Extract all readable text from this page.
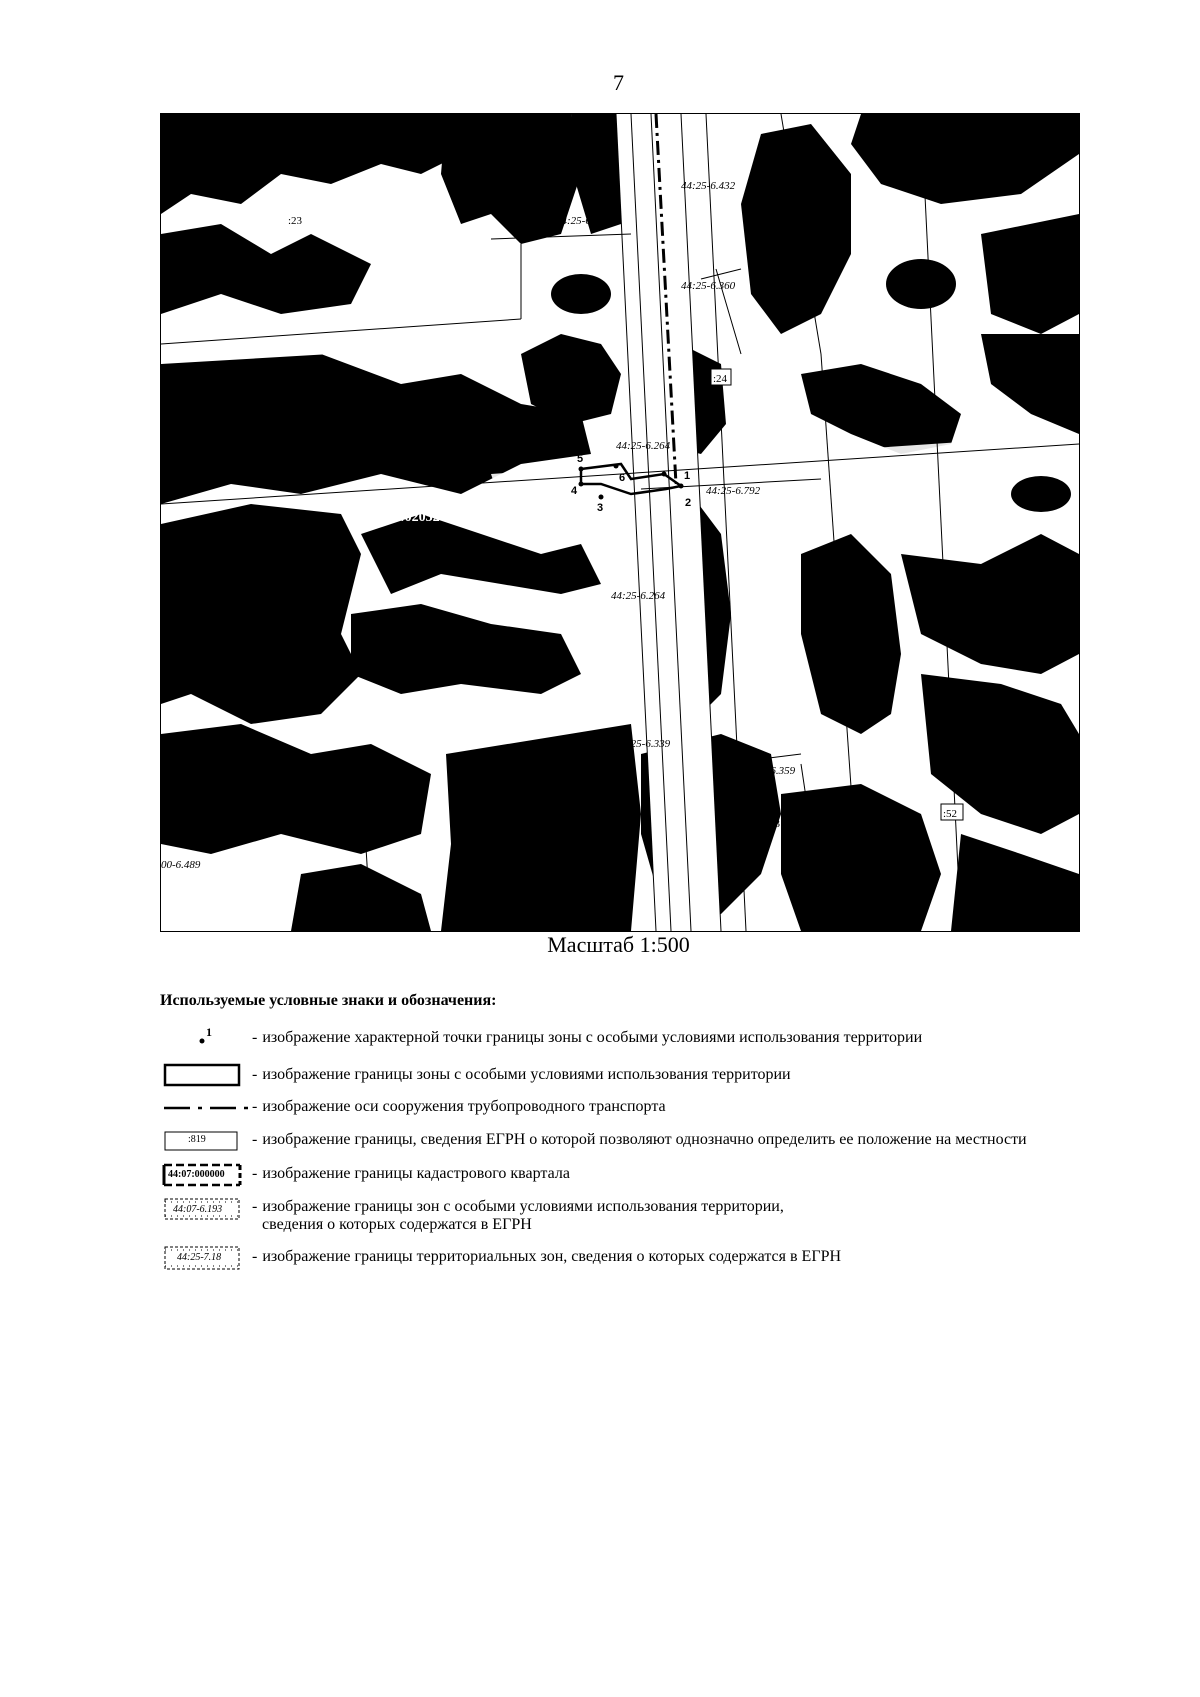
7
44:25-6.432
44:25-6.290
44:25-6.360
44:25-6.264
44:25-6.792
44:25-6.264
44:25-6.339
44:25-6.359
00-6.489
00-6.489
:23
:24
:2
:23
:52
:4
25:02032
1
2
3
4
5
6
Масштаб 1:500
Используемые условные знаки и обозначения:
1	- изображение характерной точки границы зоны с особыми условиями использования территории
- изображение границы зоны с особыми условиями использования территории
- изображение оси сооружения трубопроводного транспорта
:819	- изображение границы, сведения ЕГРН о которой позволяют однозначно определить ее положение на местности
44:07:000000 - изображение границы кадастрового квартала
44:07-6.193 - изображение границы зон с особыми условиями использования территории,
сведения о которых содержатся в ЕГРН
44:25-7.18 - изображение границы территориальных зон, сведения о которых содержатся в ЕГРН
